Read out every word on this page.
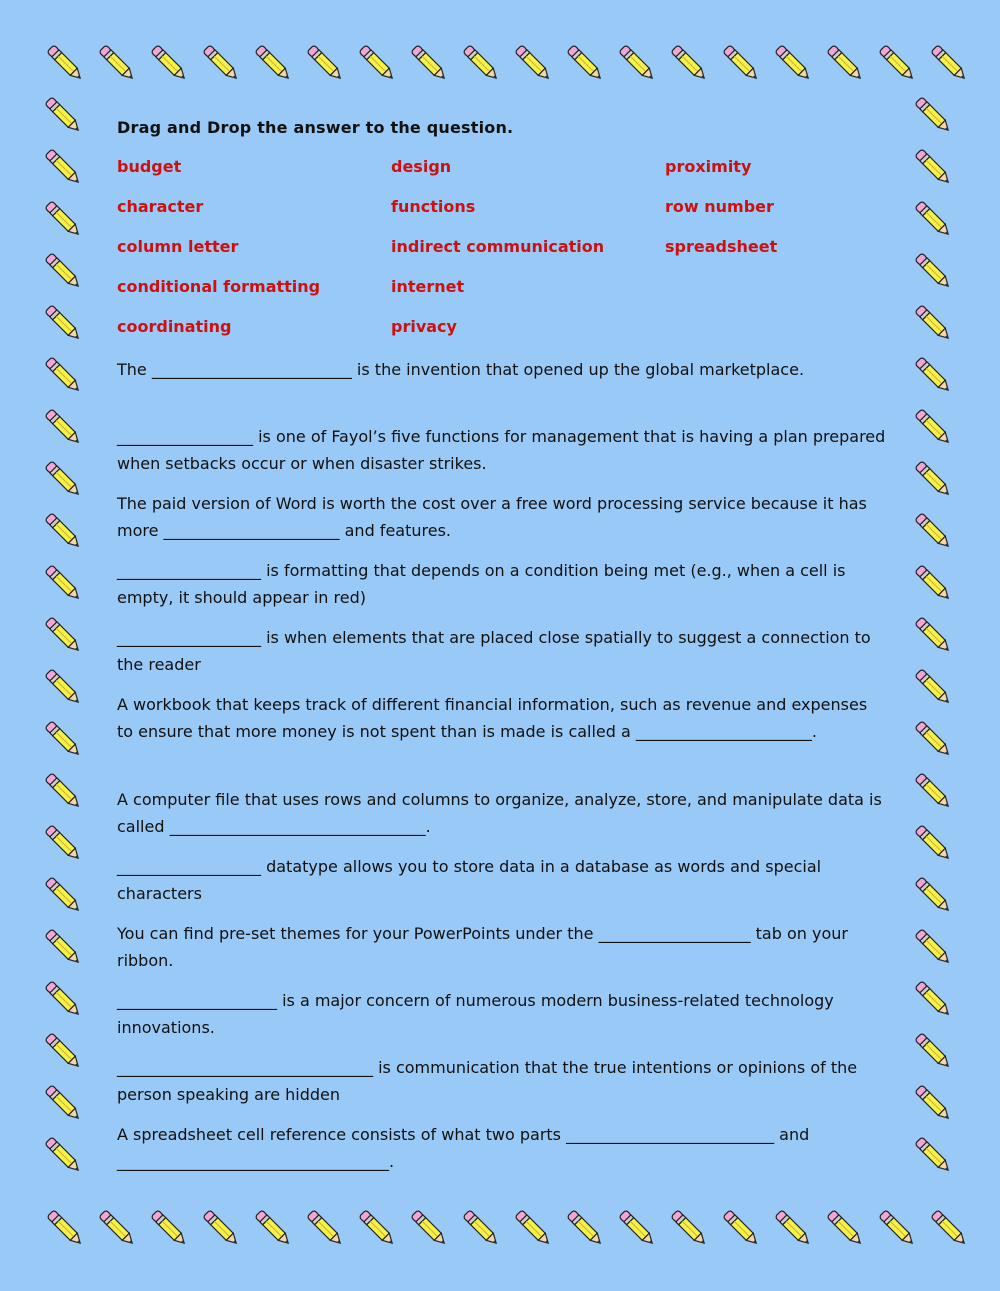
Drag and Drop the answer to the question.

budget	design	proximity
character	functions	row number
column letter	indirect communication	spreadsheet
conditional formatting	internet
coordinating	privacy

The _________________________ is the invention that opened up the global marketplace.

_________________ is one of Fayol’s five functions for management that is having a plan prepared when setbacks occur or when disaster strikes.

The paid version of Word is worth the cost over a free word processing service because it has more ______________________ and features.

__________________ is formatting that depends on a condition being met (e.g., when a cell is empty, it should appear in red)

__________________ is when elements that are placed close spatially to suggest a connection to the reader

A workbook that keeps track of different financial information, such as revenue and expenses to ensure that more money is not spent than is made is called a ______________________.

A computer file that uses rows and columns to organize, analyze, store, and manipulate data is called ________________________________.

__________________ datatype allows you to store data in a database as words and special characters

You can find pre-set themes for your PowerPoints under the ___________________ tab on your ribbon.

____________________ is a major concern of numerous modern business-related technology innovations.

________________________________ is communication that the true intentions or opinions of the person speaking are hidden

A spreadsheet cell reference consists of what two parts __________________________ and __________________________________.
